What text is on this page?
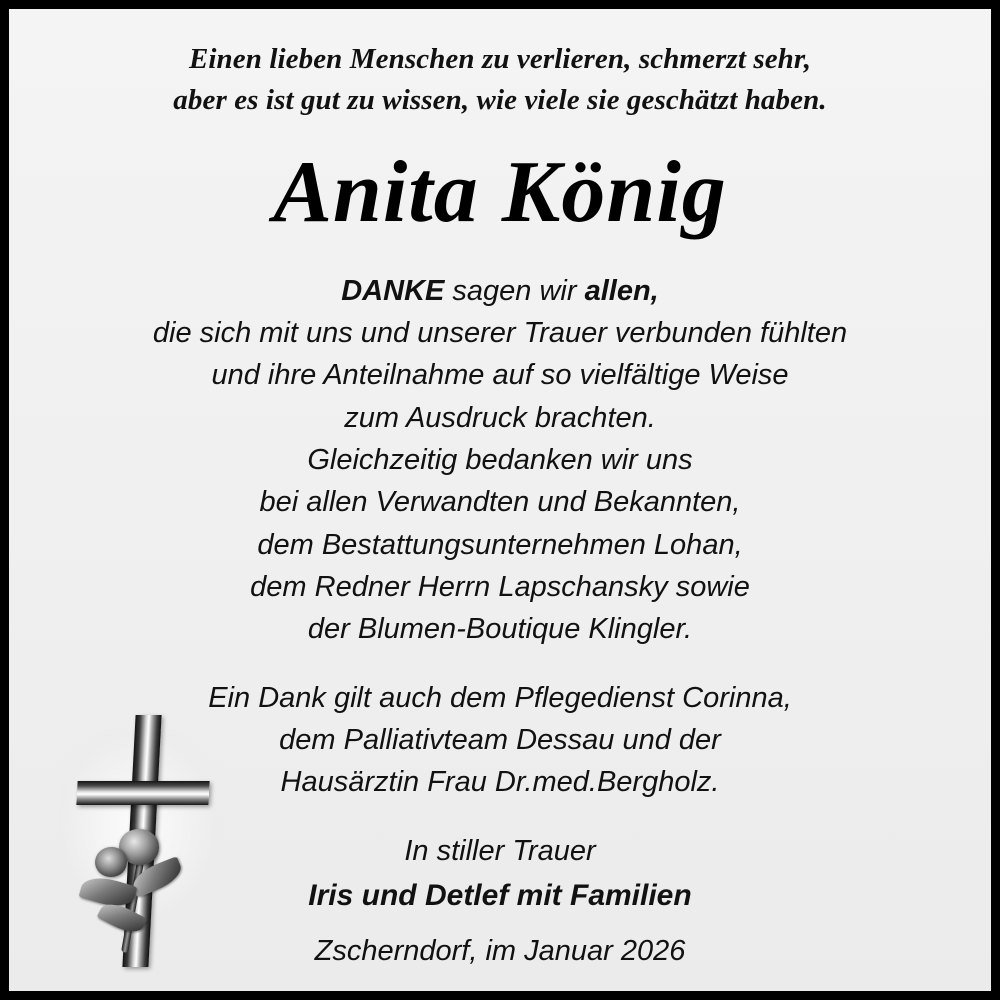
Einen lieben Menschen zu verlieren, schmerzt sehr,
aber es ist gut zu wissen, wie viele sie geschätzt haben.
Anita König
DANKE sagen wir allen,
die sich mit uns und unserer Trauer verbunden fühlten
und ihre Anteilnahme auf so vielfältige Weise
zum Ausdruck brachten.
Gleichzeitig bedanken wir uns
bei allen Verwandten und Bekannten,
dem Bestattungsunternehmen Lohan,
dem Redner Herrn Lapschansky sowie
der Blumen-Boutique Klingler.
Ein Dank gilt auch dem Pflegedienst Corinna,
dem Palliativteam Dessau und der
Hausärztin Frau Dr.med.Bergholz.
In stiller Trauer
Iris und Detlef mit Familien
Zscherndorf, im Januar 2026
